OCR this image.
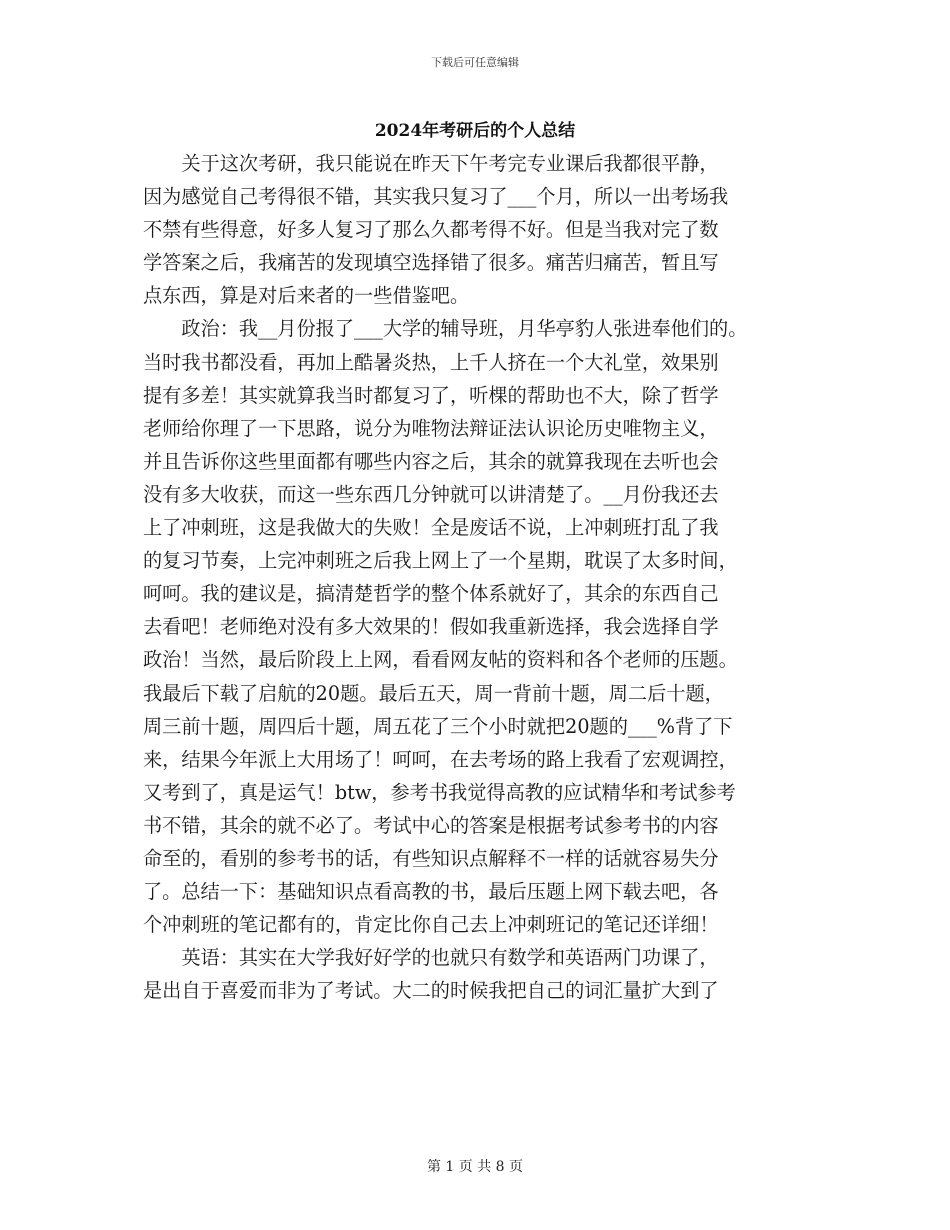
下载后可任意编辑
2024年考研后的个人总结
　　关于这次考研，我只能说在昨天下午考完专业课后我都很平静，
因为感觉自己考得很不错，其实我只复习了___个月，所以一出考场我
不禁有些得意，好多人复习了那么久都考得不好。但是当我对完了数
学答案之后，我痛苦的发现填空选择错了很多。痛苦归痛苦，暂且写
点东西，算是对后来者的一些借鉴吧。
　　政治：我__月份报了___大学的辅导班，月华亭豹人张进奉他们的。
当时我书都没看，再加上酷暑炎热，上千人挤在一个大礼堂，效果别
提有多差！其实就算我当时都复习了，听棵的帮助也不大，除了哲学
老师给你理了一下思路，说分为唯物法辩证法认识论历史唯物主义，
并且告诉你这些里面都有哪些内容之后，其余的就算我现在去听也会
没有多大收获，而这一些东西几分钟就可以讲清楚了。__月份我还去
上了冲刺班，这是我做大的失败！全是废话不说，上冲刺班打乱了我
的复习节奏，上完冲刺班之后我上网上了一个星期，耽误了太多时间，
呵呵。我的建议是，搞清楚哲学的整个体系就好了，其余的东西自己
去看吧！老师绝对没有多大效果的！假如我重新选择，我会选择自学
政治！当然，最后阶段上上网，看看网友帖的资料和各个老师的压题。
我最后下载了启航的20题。最后五天，周一背前十题，周二后十题，
周三前十题，周四后十题，周五花了三个小时就把20题的___%背了下
来，结果今年派上大用场了！呵呵，在去考场的路上我看了宏观调控，
又考到了，真是运气！btw，参考书我觉得高教的应试精华和考试参考
书不错，其余的就不必了。考试中心的答案是根据考试参考书的内容
命至的，看别的参考书的话，有些知识点解释不一样的话就容易失分
了。总结一下：基础知识点看高教的书，最后压题上网下载去吧，各
个冲刺班的笔记都有的，肯定比你自己去上冲刺班记的笔记还详细！
　　英语：其实在大学我好好学的也就只有数学和英语两门功课了，
是出自于喜爱而非为了考试。大二的时候我把自己的词汇量扩大到了
第 1 页 共 8 页
